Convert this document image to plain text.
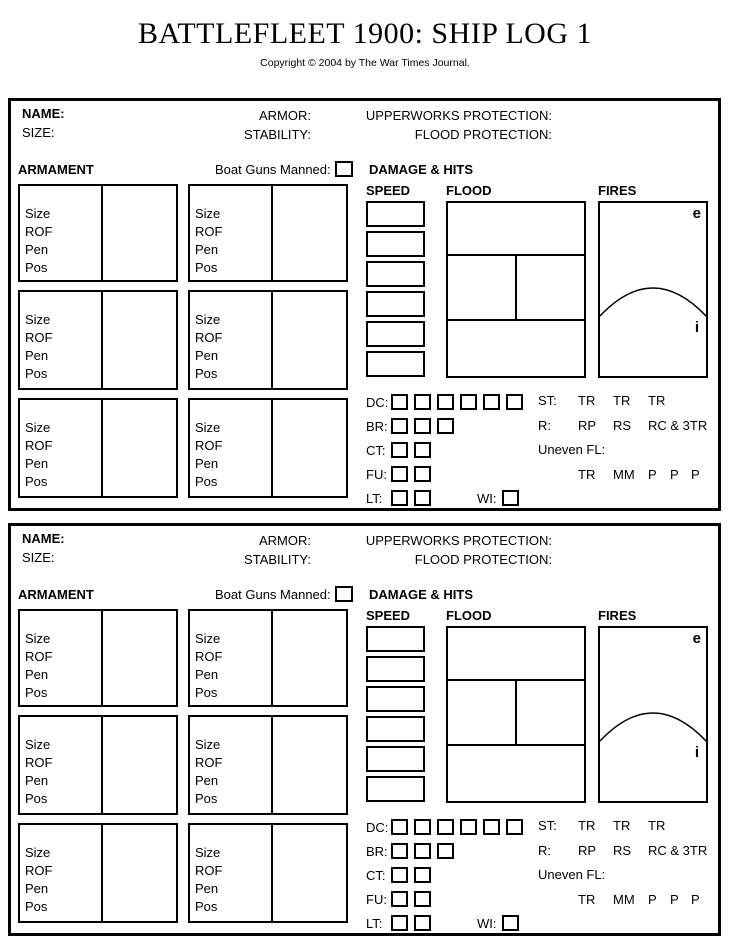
BATTLEFLEET 1900: SHIP LOG 1
Copyright © 2004 by The War Times Journal.
NAME:
SIZE:
ARMOR:
STABILITY:
UPPERWORKS PROTECTION:
FLOOD PROTECTION:
ARMAMENT	Boat Guns Manned:
Size
ROF
Pen
Pos
Size
ROF
Pen
Pos
Size
ROF
Pen
Pos
Size
ROF
Pen
Pos
Size
ROF
Pen
Pos
Size
ROF
Pen
Pos
DAMAGE & HITS
SPEED	FLOOD	FIRES
e
i
DC:
BR:
CT:
FU:
LT:	WI:
ST: TR TR TR
R: RP RS RC & 3TR
Uneven FL:
TR MM P P P
NAME:
SIZE:
ARMOR:
STABILITY:
UPPERWORKS PROTECTION:
FLOOD PROTECTION:
ARMAMENT	Boat Guns Manned:
Size
ROF
Pen
Pos
Size
ROF
Pen
Pos
Size
ROF
Pen
Pos
Size
ROF
Pen
Pos
Size
ROF
Pen
Pos
Size
ROF
Pen
Pos
DAMAGE & HITS
SPEED	FLOOD	FIRES
e
i
DC:
BR:
CT:
FU:
LT:	WI:
ST: TR TR TR
R: RP RS RC & 3TR
Uneven FL:
TR MM P P P
